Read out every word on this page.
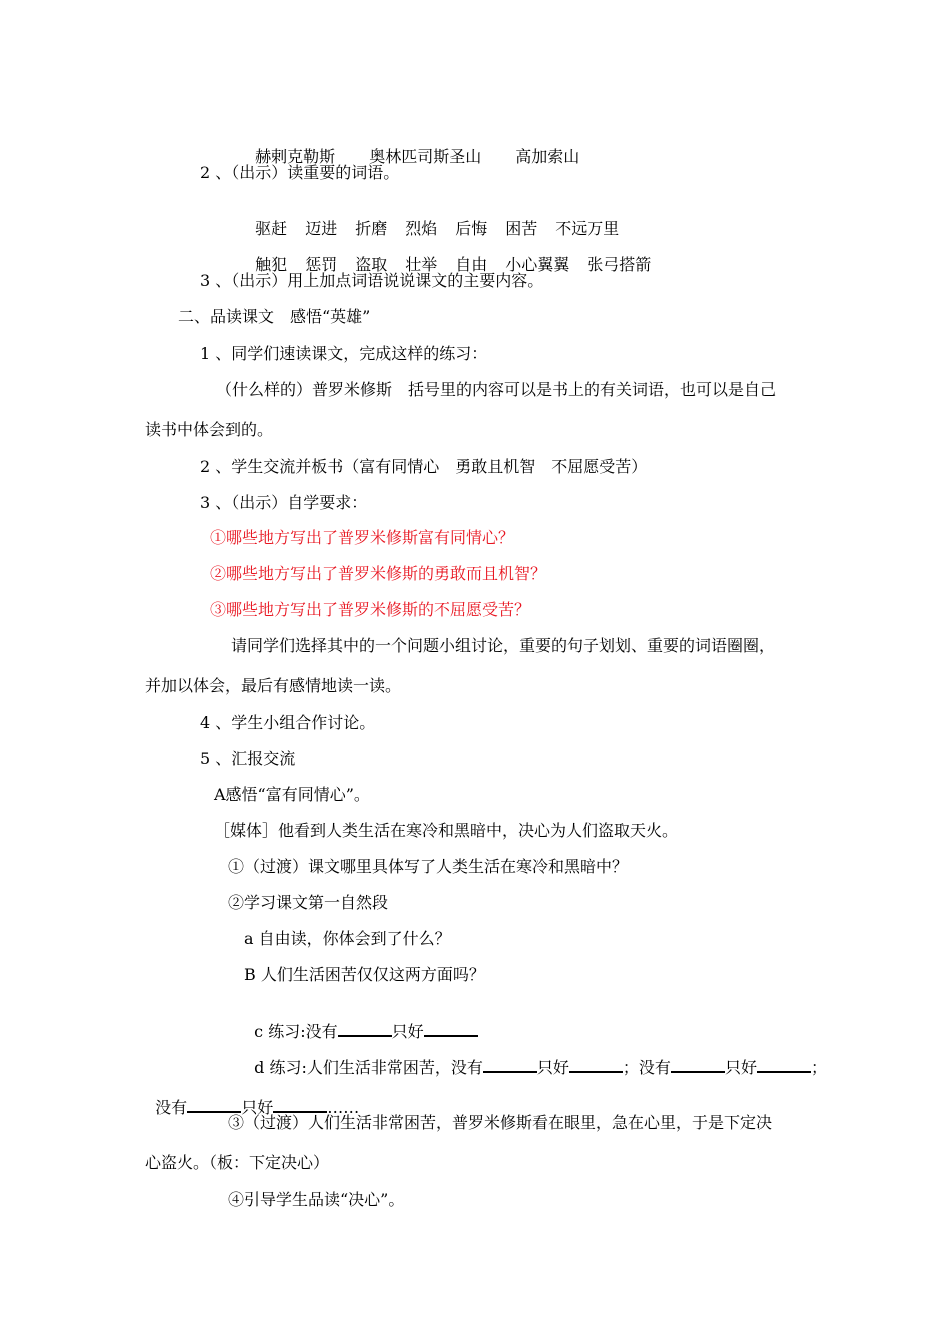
赫剌克勒斯 奥林匹司斯圣山 高加索山

2 、（出示）读重要的词语。

驱赶 迈进 折磨 烈焰 后悔 困苦 不远万里

触犯 惩罚 盗取 壮举 自由 小心翼翼 张弓搭箭

3 、（出示）用上加点词语说说课文的主要内容。
二、品读课文　感悟“英雄”
1 、同学们速读课文，完成这样的练习：
（什么样的）普罗米修斯　括号里的内容可以是书上的有关词语，也可以是自己
读书中体会到的。
2 、学生交流并板书（富有同情心　勇敢且机智　不屈愿受苦）
3 、（出示）自学要求：
①哪些地方写出了普罗米修斯富有同情心？
②哪些地方写出了普罗米修斯的勇敢而且机智？
③哪些地方写出了普罗米修斯的不屈愿受苦？
请同学们选择其中的一个问题小组讨论，重要的句子划划、重要的词语圈圈，
并加以体会，最后有感情地读一读。
4 、学生小组合作讨论。
5 、汇报交流
A感悟“富有同情心”。
［媒体］他看到人类生活在寒冷和黑暗中，决心为人们盗取天火。
①（过渡）课文哪里具体写了人类生活在寒冷和黑暗中？
②学习课文第一自然段
a 自由读，你体会到了什么？
B 人们生活困苦仅仅这两方面吗？

c 练习:没有	只好

d 练习:人们生活非常困苦，没有	只好	；没有	只好	；

没有	只好	……

③（过渡）人们生活非常困苦，普罗米修斯看在眼里，急在心里，于是下定决
心盗火。（板：下定决心）
④引导学生品读“决心”。
